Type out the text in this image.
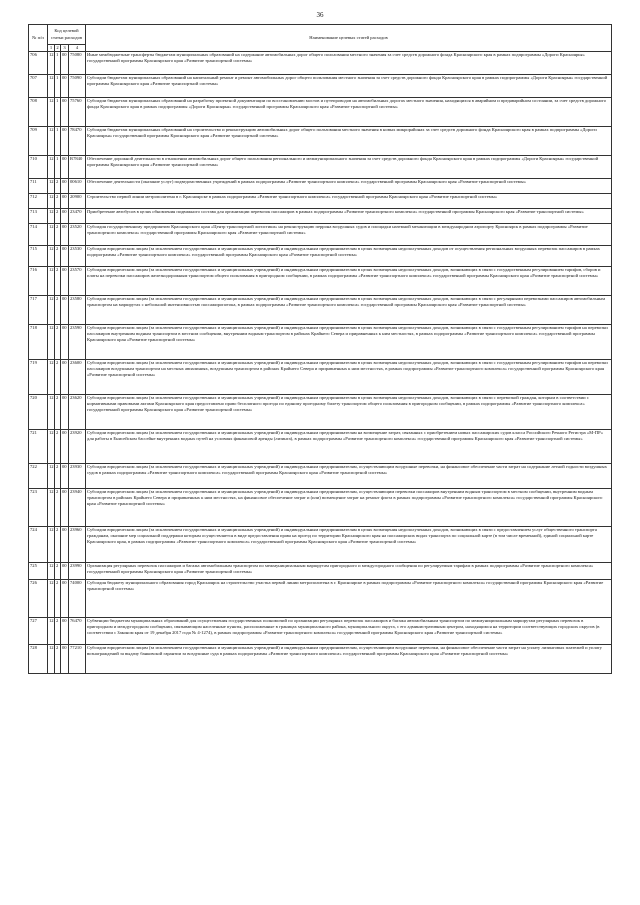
36
№ п/п	Код целевой статьи расходов				Наименование целевых статей расходов
	1	2	3	4	
706	12	1	00	75080	Иные межбюджетные трансферты бюджетам муниципальных образований на содержание автомобильных дорог общего пользования местного значения за счет средств дорожного фонда Красноярского края в рамках подпрограммы «Дороги Красноярья» государственной программы Красноярского края «Развитие транспортной системы»
707	12	1	00	75090	Субсидии бюджетам муниципальных образований на капитальный ремонт и ремонт автомобильных дорог общего пользования местного значения за счет средств дорожного фонда Красноярского края в рамках подпрограммы «Дороги Красноярья» государственной программы Красноярского края «Развитие транспортной системы»
708	12	1	00	75760	Субсидии бюджетам муниципальных образований на разработку проектной документации по восстановлению мостов и путепроводов на автомобильных дорогах местного значения, находящихся в аварийном и предаварийном состоянии, за счет средств дорожного фонда Красноярского края в рамках подпрограммы «Дороги Красноярья» государственной программы Красноярского края «Развитие транспортной системы»
709	12	1	00	78470	Субсидии бюджетам муниципальных образований на строительство и реконструкцию автомобильных дорог общего пользования местного значения в новых микрорайонах за счет средств дорожного фонда Красноярского края в рамках подпрограммы «Дороги Красноярья» государственной программы Красноярского края «Развитие транспортной системы»
710	12	1	00	R7840	Обеспечение дорожной деятельности в отношении автомобильных дорог общего пользования регионального и межмуниципального значения за счет средств дорожного фонда Красноярского края в рамках подпрограммы «Дороги Красноярья» государственной программы Красноярского края «Развитие транспортной системы»
711	12	2	00	00610	Обеспечение деятельности (оказание услуг) подведомственных учреждений в рамках подпрограммы «Развитие транспортного комплекса» государственной программы Красноярского края «Развитие транспортной системы»
712	12	2	00	20900	Строительство первой линии метрополитена в г. Красноярске в рамках подпрограммы «Развитие транспортного комплекса» государственной программы Красноярского края «Развитие транспортной системы»
713	12	2	00	23470	Приобретение автобусов в целях обновления подвижного состава для организации перевозок пассажиров в рамках подпрограммы «Развитие транспортного комплекса» государственной программы Красноярского края «Развитие транспортной системы»
714	12	2	00	23520	Субсидия государственному предприятию Красноярского края «Центр транспортной логистики» на реконструкцию перрона воздушных судов и площадки наземной механизации в международном аэропорту Красноярск в рамках подпрограммы «Развитие транспортного комплекса» государственной программы Красноярского края «Развитие транспортной системы»
715	12	2	00	23530	Субсидии юридическим лицам (за исключением государственных и муниципальных учреждений) и индивидуальным предпринимателям в целях возмещения недополученных доходов от осуществления региональных воздушных перевозок пассажиров в рамках подпрограммы «Развитие транспортного комплекса» государственной программы Красноярского края «Развитие транспортной системы»
716	12	2	00	23570	Субсидии юридическим лицам (за исключением государственных и муниципальных учреждений) и индивидуальным предпринимателям в целях возмещения недополученных доходов, возникающих в связи с государственным регулированием тарифов, сборов и платы на перевозки пассажиров железнодорожным транспортом общего пользования в пригородном сообщении, в рамках подпрограммы «Развитие транспортного комплекса» государственной программы Красноярского края «Развитие транспортной системы»
717	12	2	00	23580	Субсидии юридическим лицам (за исключением государственных и муниципальных учреждений) и индивидуальным предпринимателям в целях возмещения недополученных доходов, возникающих в связи с регулярными перевозками пассажиров автомобильным транспортом на маршрутах с небольшой интенсивностью пассажиропотока, в рамках подпрограммы «Развитие транспортного комплекса» государственной программы Красноярского края «Развитие транспортной системы»
718	12	2	00	23590	Субсидии юридическим лицам (за исключением государственных и муниципальных учреждений) и индивидуальным предпринимателям в целях возмещения недополученных доходов, возникающих в связи с государственным регулированием тарифов на перевозки пассажиров внутренним водным транспортом в местном сообщении, внутренним водным транспортом в районах Крайнего Севера и приравненных к ним местностях, в рамках подпрограммы «Развитие транспортного комплекса» государственной программы Красноярского края «Развитие транспортной системы»
719	12	2	00	23600	Субсидии юридическим лицам (за исключением государственных и муниципальных учреждений) и индивидуальным предпринимателям в целях возмещения недополученных доходов, возникающих в связи с государственным регулированием тарифов на перевозки пассажиров воздушным транспортом на местных авиалиниях, воздушным транспортом в районах Крайнего Севера и приравненных к ним местностях, в рамках подпрограммы «Развитие транспортного комплекса» государственной программы Красноярского края «Развитие транспортной системы»
720	12	2	00	23620	Субсидии юридическим лицам (за исключением государственных и муниципальных учреждений) и индивидуальным предпринимателям в целях возмещения недополученных доходов, возникающих в связи с перевозкой граждан, которым в соответствии с нормативными правовыми актами Красноярского края предоставлено право бесплатного проезда по единому проездному билету транспортом общего пользования в пригородном сообщении, в рамках подпрограммы «Развитие транспортного комплекса» государственной программы Красноярского края «Развитие транспортной системы»
721	12	2	00	23920	Субсидии юридическим лицам (за исключением государственных и муниципальных учреждений) и индивидуальным предпринимателям на возмещение затрат, связанных с приобретением новых пассажирских судов класса Российского Речного Регистра «М-ПР» для работы в Енисейском бассейне внутренних водных путей на условиях финансовой аренды (лизинга), в рамках подпрограммы «Развитие транспортного комплекса» государственной программы Красноярского края «Развитие транспортной системы»
722	12	2	00	23930	Субсидии юридическим лицам (за исключением государственных и муниципальных учреждений) и индивидуальным предпринимателям, осуществляющим воздушные перевозки, на финансовое обеспечение части затрат на содержание летной годности воздушных судов в рамках подпрограммы «Развитие транспортного комплекса» государственной программы Красноярского края «Развитие транспортной системы»
723	12	2	00	23940	Субсидии юридическим лицам (за исключением государственных и муниципальных учреждений) и индивидуальным предпринимателям, осуществляющим перевозки пассажиров внутренним водным транспортом в местном сообщении, внутренним водным транспортом в районах Крайнего Севера и приравненных к ним местностях, на финансовое обеспечение затрат и (или) возмещение затрат на ремонт флота в рамках подпрограммы «Развитие транспортного комплекса» государственной программы Красноярского края «Развитие транспортной системы»
724	12	2	00	23960	Субсидии юридическим лицам (за исключением государственных и муниципальных учреждений) и индивидуальным предпринимателям в целях возмещения недополученных доходов, возникающих в связи с предоставлением услуг общественного транспорта гражданам, оказание мер социальной поддержки которым осуществляется в виде предоставления права на проезд по территории Красноярского края на пассажирских видах транспорта по социальной карте (в том числе временной), единой социальной карте Красноярского края, в рамках подпрограммы «Развитие транспортного комплекса» государственной программы Красноярского края «Развитие транспортной системы»
725	12	2	00	23990	Организация регулярных перевозок пассажиров и багажа автомобильным транспортом по межмуниципальным маршрутам пригородного и междугородного сообщения по регулируемым тарифам в рамках подпрограммы «Развитие транспортного комплекса» государственной программы Красноярского края «Развитие транспортной системы»
726	12	2	00	74000	Субсидия бюджету муниципального образования город Красноярск на строительство участка первой линии метрополитена в г. Красноярске в рамках подпрограммы «Развитие транспортного комплекса» государственной программы Красноярского края «Развитие транспортной системы»
727	12	2	00	76470	Субвенции бюджетам муниципальных образований для осуществления государственных полномочий по организации регулярных перевозок пассажиров и багажа автомобильным транспортом по межмуниципальным маршрутам регулярных перевозок в пригородном и междугородном сообщении, связывающим населенные пункты, расположенные в границах муниципального района, муниципального округа, с его административным центром, находящимся на территории соответствующих городских округов (в соответствии с Законом края от 19 декабря 2017 года № 4-1274), в рамках подпрограммы «Развитие транспортного комплекса» государственной программы Красноярского края «Развитие транспортной системы»
728	12	2	00	77210	Субсидии юридическим лицам (за исключением государственных и муниципальных учреждений) и индивидуальным предпринимателям, осуществляющим воздушные перевозки, на финансовое обеспечение части затрат на уплату лизинговых платежей и уплату вознаграждений за выдачу банковской гарантии за воздушные суда в рамках подпрограммы «Развитие транспортного комплекса» государственной программы Красноярского края «Развитие транспортной системы»
